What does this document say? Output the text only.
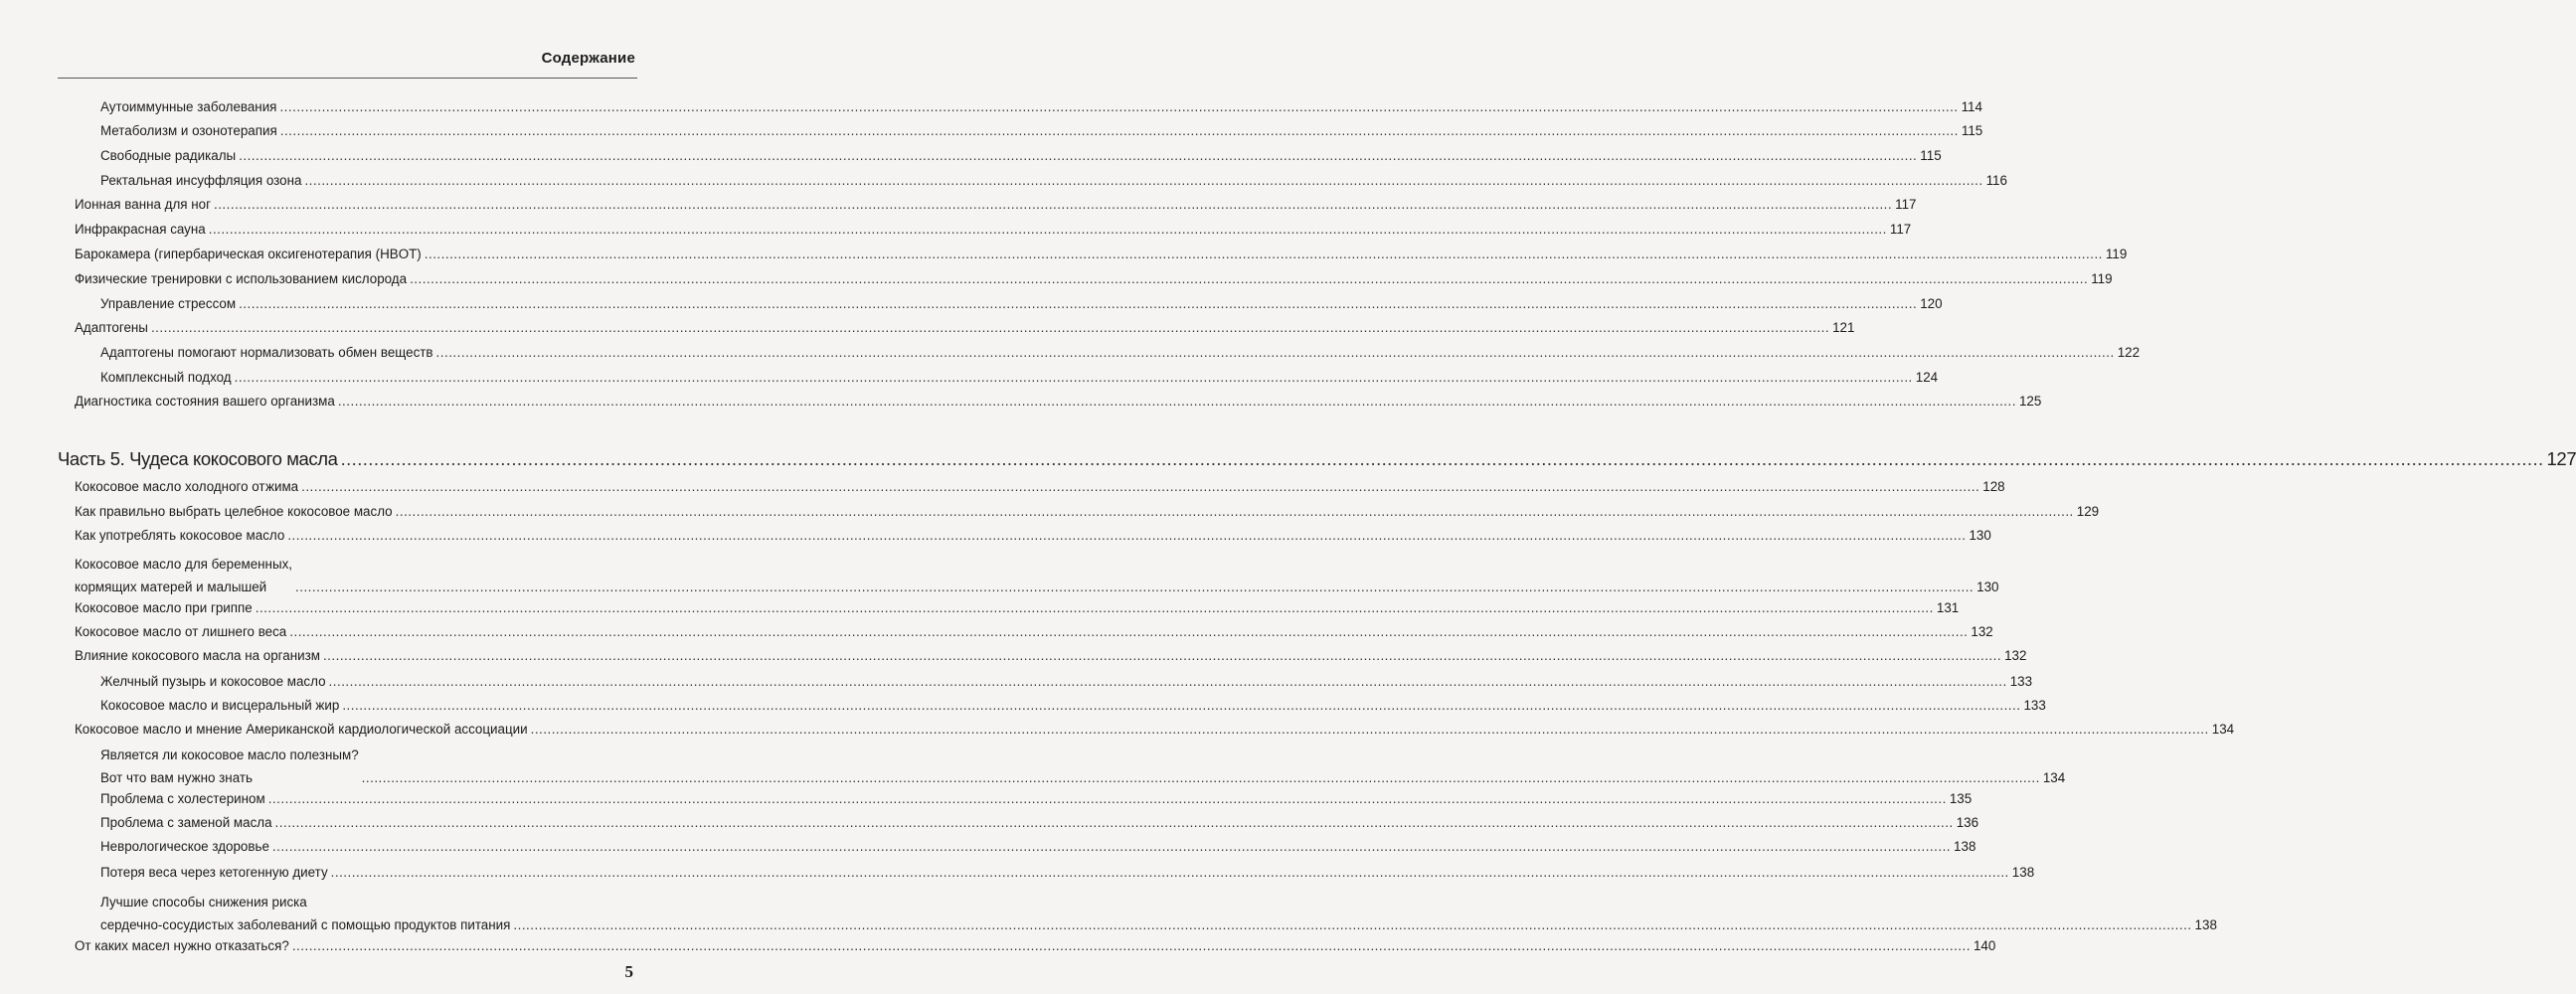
Содержание
Аутоиммунные заболевания ................................................................................................................................................................................................................................................................................................................................................................................................................ 114
Метаболизм и озонотерапия ................................................................................................................................................................................................................................................................................................................................................................................................................ 115
Свободные радикалы ................................................................................................................................................................................................................................................................................................................................................................................................................ 115
Ректальная инсуффляция озона ................................................................................................................................................................................................................................................................................................................................................................................................................ 116
Ионная ванна для ног ................................................................................................................................................................................................................................................................................................................................................................................................................ 117
Инфракрасная сауна ................................................................................................................................................................................................................................................................................................................................................................................................................ 117
Барокамера (гипербарическая оксигенотерапия (HBOT) ................................................................................................................................................................................................................................................................................................................................................................................................................ 119
Физические тренировки с использованием кислорода ................................................................................................................................................................................................................................................................................................................................................................................................................ 119
Управление стрессом ................................................................................................................................................................................................................................................................................................................................................................................................................ 120
Адаптогены ................................................................................................................................................................................................................................................................................................................................................................................................................ 121
Адаптогены помогают нормализовать обмен веществ ................................................................................................................................................................................................................................................................................................................................................................................................................ 122
Комплексный подход ................................................................................................................................................................................................................................................................................................................................................................................................................ 124
Диагностика состояния вашего организма ................................................................................................................................................................................................................................................................................................................................................................................................................ 125
Часть 5. Чудеса кокосового масла ................................................................................................................................................................................................................................................................................................................................................................................................................ 127
Кокосовое масло холодного отжима ................................................................................................................................................................................................................................................................................................................................................................................................................ 128
Как правильно выбрать целебное кокосовое масло ................................................................................................................................................................................................................................................................................................................................................................................................................ 129
Как употреблять кокосовое масло ................................................................................................................................................................................................................................................................................................................................................................................................................ 130
Кокосовое масло для беременных,
кормящих матерей и малышей	................................................................................................................................................................................................................................................................................................................................................................................................................ 130
Кокосовое масло при гриппе ................................................................................................................................................................................................................................................................................................................................................................................................................ 131
Кокосовое масло от лишнего веса ................................................................................................................................................................................................................................................................................................................................................................................................................ 132
Влияние кокосового масла на организм ................................................................................................................................................................................................................................................................................................................................................................................................................ 132
Желчный пузырь и кокосовое масло ................................................................................................................................................................................................................................................................................................................................................................................................................ 133
Кокосовое масло и висцеральный жир ................................................................................................................................................................................................................................................................................................................................................................................................................ 133
Кокосовое масло и мнение Американской кардиологической ассоциации ................................................................................................................................................................................................................................................................................................................................................................................................................ 134
Является ли кокосовое масло полезным?
Вот что вам нужно знать	................................................................................................................................................................................................................................................................................................................................................................................................................ 134
Проблема с холестерином ................................................................................................................................................................................................................................................................................................................................................................................................................ 135
Проблема с заменой масла ................................................................................................................................................................................................................................................................................................................................................................................................................ 136
Неврологическое здоровье ................................................................................................................................................................................................................................................................................................................................................................................................................ 138
Потеря веса через кетогенную диету ................................................................................................................................................................................................................................................................................................................................................................................................................ 138
Лучшие способы снижения риска
сердечно-сосудистых заболеваний с помощью продуктов питания ................................................................................................................................................................................................................................................................................................................................................................................................................ 138
От каких масел нужно отказаться? ................................................................................................................................................................................................................................................................................................................................................................................................................ 140
5
